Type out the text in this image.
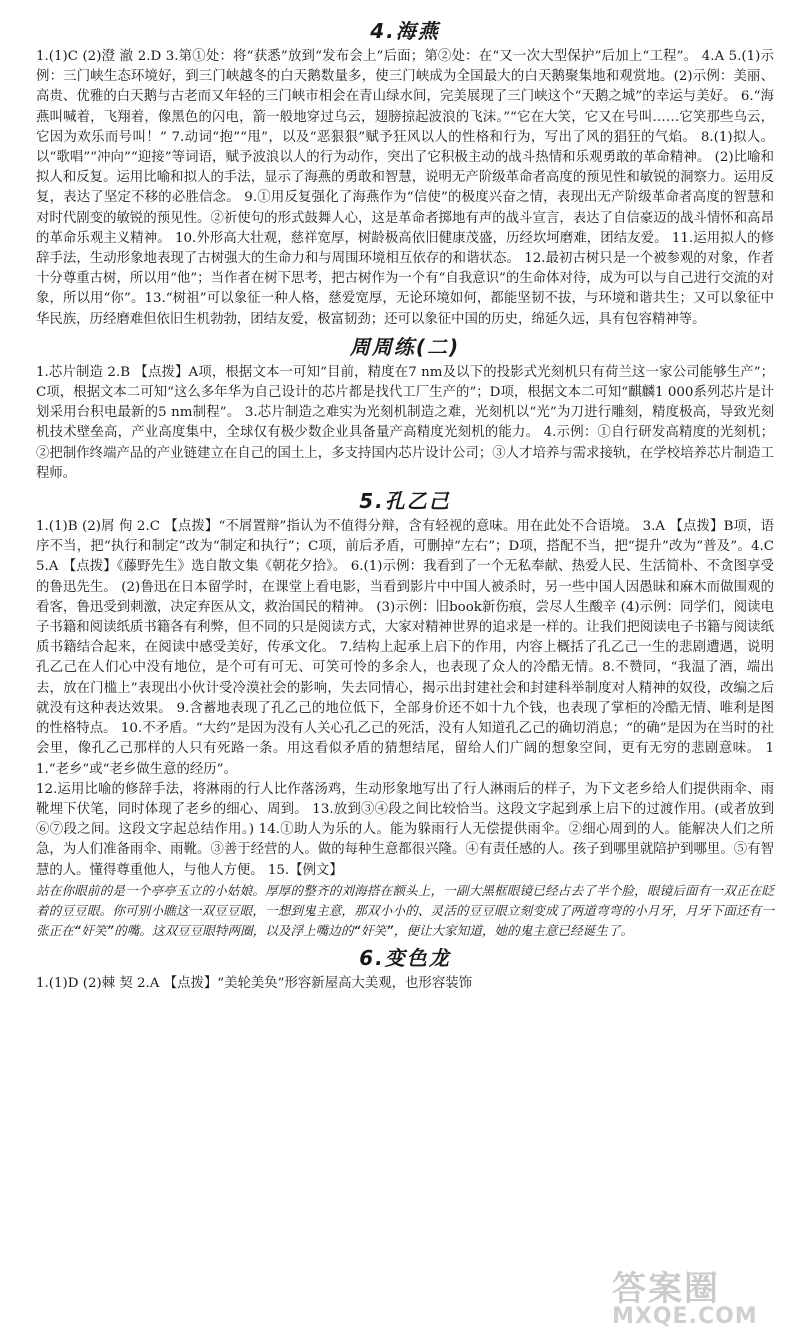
4.海燕

1.(1)C (2)澄 澈 2.D 3.第①处：将“获悉”放到“发布会上”后面；第②处：在“又一次大型保护”后加上“工程”。 4.A 5.(1)示例：三门峡生态环境好，到三门峡越冬的白天鹅数量多，使三门峡成为全国最大的白天鹅聚集地和观赏地。(2)示例：美丽、高贵、优雅的白天鹅与古老而又年轻的三门峡市相会在青山绿水间，完美展现了三门峡这个“天鹅之城”的幸运与美好。 6.“海燕叫喊着，飞翔着，像黑色的闪电，箭一般地穿过乌云，翅膀掠起波浪的飞沫。”“它在大笑，它又在号叫……它笑那些乌云，它因为欢乐而号叫！” 7.动词“抱”“甩”，以及“恶狠狠”赋予狂风以人的性格和行为，写出了风的猖狂的气焰。 8.(1)拟人。以“歌唱”“冲向”“迎接”等词语，赋予波浪以人的行为动作，突出了它积极主动的战斗热情和乐观勇敢的革命精神。 (2)比喻和拟人和反复。运用比喻和拟人的手法，显示了海燕的勇敢和智慧，说明无产阶级革命者高度的预见性和敏锐的洞察力。运用反复，表达了坚定不移的必胜信念。 9.①用反复强化了海燕作为“信使”的极度兴奋之情，表现出无产阶级革命者高度的智慧和对时代剧变的敏锐的预见性。②祈使句的形式鼓舞人心，这是革命者掷地有声的战斗宣言，表达了自信豪迈的战斗情怀和高昂的革命乐观主义精神。 10.外形高大壮观，慈祥宽厚，树龄极高依旧健康茂盛，历经坎坷磨难，团结友爱。 11.运用拟人的修辞手法，生动形象地表现了古树强大的生命力和与周围环境相互依存的和谐状态。 12.最初古树只是一个被参观的对象，作者十分尊重古树，所以用“他”；当作者在树下思考，把古树作为一个有“自我意识”的生命体对待，成为可以与自己进行交流的对象，所以用“你”。13.“树祖”可以象征一种人格，慈爱宽厚，无论环境如何，都能坚韧不拔，与环境和谐共生；又可以象征中华民族，历经磨难但依旧生机勃勃，团结友爱，极富韧劲；还可以象征中国的历史，绵延久远，具有包容精神等。

周周练(二)

1.芯片制造 2.B 【点拨】A项，根据文本一可知“目前，精度在7 nm及以下的投影式光刻机只有荷兰这一家公司能够生产”；C项，根据文本二可知“这么多年华为自己设计的芯片都是找代工厂生产的”；D项，根据文本二可知“麒麟1 000系列芯片是计划采用台积电最新的5 nm制程”。 3.芯片制造之难实为光刻机制造之难，光刻机以“光”为刀进行雕刻，精度极高，导致光刻机技术壁垒高，产业高度集中，全球仅有极少数企业具备量产高精度光刻机的能力。 4.示例：①自行研发高精度的光刻机；②把制作终端产品的产业链建立在自己的国土上，多支持国内芯片设计公司；③人才培养与需求接轨，在学校培养芯片制造工程师。

5.孔乙己

1.(1)B (2)屑 佝 2.C 【点拨】“不屑置辩”指认为不值得分辩，含有轻视的意味。用在此处不合语境。 3.A 【点拨】B项，语序不当，把“执行和制定”改为“制定和执行”；C项，前后矛盾，可删掉“左右”；D项，搭配不当，把“提升”改为“普及”。4.C 5.A 【点拨】《藤野先生》选自散文集《朝花夕拾》。 6.(1)示例：我看到了一个无私奉献、热爱人民、生活简朴、不贪图享受的鲁迅先生。 (2)鲁迅在日本留学时，在课堂上看电影，当看到影片中中国人被杀时，另一些中国人因愚昧和麻木而做围观的看客，鲁迅受到刺激，决定弃医从文，救治国民的精神。 (3)示例：旧book新伤痕，尝尽人生酸辛 (4)示例：同学们，阅读电子书籍和阅读纸质书籍各有利弊，但不同的只是阅读方式，大家对精神世界的追求是一样的。让我们把阅读电子书籍与阅读纸质书籍结合起来，在阅读中感受美好，传承文化。 7.结构上起承上启下的作用，内容上概括了孔乙己一生的悲剧遭遇，说明孔乙己在人们心中没有地位，是个可有可无、可笑可怜的多余人，也表现了众人的冷酷无情。8.不赞同，“我温了酒，端出去，放在门槛上”表现出小伙计受冷漠社会的影响，失去同情心，揭示出封建社会和封建科举制度对人精神的奴役，改编之后就没有这种表达效果。 9.含蓄地表现了孔乙己的地位低下，全部身价还不如十九个钱，也表现了掌柜的冷酷无情、唯利是图的性格特点。 10.不矛盾。“大约”是因为没有人关心孔乙己的死活，没有人知道孔乙己的确切消息；“的确”是因为在当时的社会里，像孔乙己那样的人只有死路一条。用这看似矛盾的猜想结尾，留给人们广阔的想象空间，更有无穷的悲剧意味。 11.“老乡”或“老乡做生意的经历”。

12.运用比喻的修辞手法，将淋雨的行人比作落汤鸡，生动形象地写出了行人淋雨后的样子，为下文老乡给人们提供雨伞、雨靴埋下伏笔，同时体现了老乡的细心、周到。 13.放到③④段之间比较恰当。这段文字起到承上启下的过渡作用。(或者放到⑥⑦段之间。这段文字起总结作用。) 14.①助人为乐的人。能为躲雨行人无偿提供雨伞。②细心周到的人。能解决人们之所急，为人们准备雨伞、雨靴。③善于经营的人。做的每种生意都很兴隆。④有责任感的人。孩子到哪里就陪护到哪里。⑤有智慧的人。懂得尊重他人，与他人方便。 15.【例文】

站在你眼前的是一个亭亭玉立的小姑娘。厚厚的整齐的刘海搭在额头上，一副大黑框眼镜已经占去了半个脸，眼镜后面有一双正在眨着的豆豆眼。你可别小瞧这一双豆豆眼，一想到鬼主意，那双小小的、灵活的豆豆眼立刻变成了两道弯弯的小月牙，月牙下面还有一张正在“奸笑”的嘴。这双豆豆眼特两圈，以及浮上嘴边的“奸笑”，便让大家知道，她的鬼主意已经诞生了。

6.变色龙

1.(1)D (2)棘 契 2.A 【点拨】“美轮美奂”形容新屋高大美观，也形容装饰

答案圈
MXQE.COM
